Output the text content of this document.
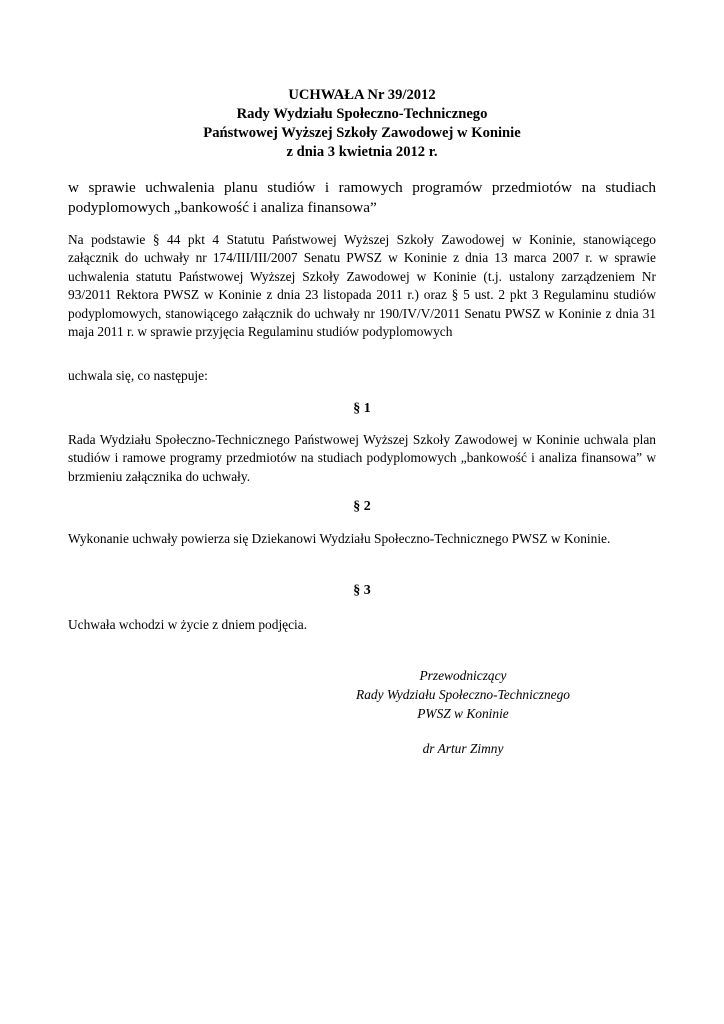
UCHWAŁA Nr 39/2012
Rady Wydziału Społeczno-Technicznego
Państwowej Wyższej Szkoły Zawodowej w Koninie
z dnia 3 kwietnia 2012 r.
w sprawie uchwalenia planu studiów i ramowych programów przedmiotów na studiach podyplomowych „bankowość i analiza finansowa”
Na podstawie § 44 pkt 4 Statutu Państwowej Wyższej Szkoły Zawodowej w Koninie, stanowiącego załącznik do uchwały nr 174/III/III/2007 Senatu PWSZ w Koninie z dnia 13 marca 2007 r. w sprawie uchwalenia statutu Państwowej Wyższej Szkoły Zawodowej w Koninie (t.j. ustalony zarządzeniem Nr 93/2011 Rektora PWSZ w Koninie z dnia 23 listopada 2011 r.) oraz § 5 ust. 2 pkt 3 Regulaminu studiów podyplomowych, stanowiącego załącznik do uchwały nr 190/IV/V/2011 Senatu PWSZ w Koninie z dnia 31 maja 2011 r. w sprawie przyjęcia Regulaminu studiów podyplomowych
uchwala się, co następuje:
§ 1
Rada Wydziału Społeczno-Technicznego Państwowej Wyższej Szkoły Zawodowej w Koninie uchwala plan studiów i ramowe programy przedmiotów na studiach podyplomowych „bankowość i analiza finansowa” w brzmieniu załącznika do uchwały.
§ 2
Wykonanie uchwały powierza się Dziekanowi Wydziału Społeczno-Technicznego PWSZ w Koninie.
§ 3
Uchwała wchodzi w życie z dniem podjęcia.
Przewodniczący
Rady Wydziału Społeczno-Technicznego
PWSZ w Koninie
dr Artur Zimny
